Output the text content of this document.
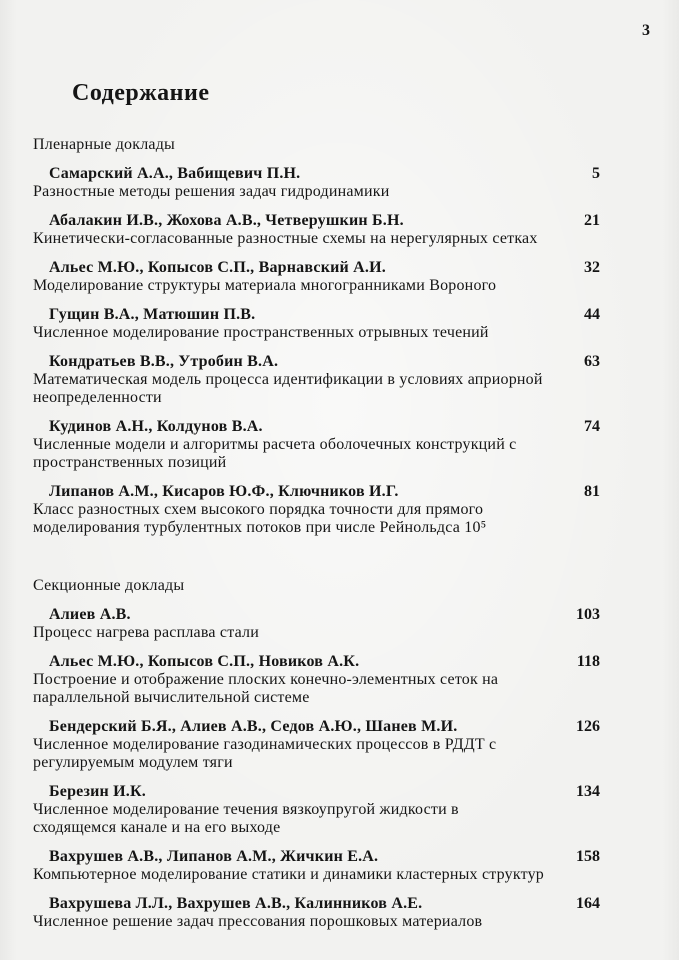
3
Содержание
Пленарные доклады
Самарский А.А., Вабищевич П.Н.
Разностные методы решения задач гидродинамики
5
Абалакин И.В., Жохова А.В., Четверушкин Б.Н.
Кинетически-согласованные разностные схемы на нерегулярных сетках
21
Альес М.Ю., Копысов С.П., Варнавский А.И.
Моделирование структуры материала многогранниками Вороного
32
Гущин В.А., Матюшин П.В.
Численное моделирование пространственных отрывных течений
44
Кондратьев В.В., Утробин В.А.
Математическая модель процесса идентификации в условиях априорной
неопределенности
63
Кудинов А.Н., Колдунов В.А.
Численные модели и алгоритмы расчета оболочечных конструкций с
пространственных позиций
74
Липанов А.М., Кисаров Ю.Ф., Ключников И.Г.
Класс разностных схем высокого порядка точности для прямого
моделирования турбулентных потоков при числе Рейнольдса 10⁵
81
Секционные доклады
Алиев А.В.
Процесс нагрева расплава стали
103
Альес М.Ю., Копысов С.П., Новиков А.К.
Построение и отображение плоских конечно-элементных сеток на
параллельной вычислительной системе
118
Бендерский Б.Я., Алиев А.В., Седов А.Ю., Шанев М.И.
Численное моделирование газодинамических процессов в РДДТ с
регулируемым модулем тяги
126
Березин И.К.
Численное моделирование течения вязкоупругой жидкости в
сходящемся канале и на его выходе
134
Вахрушев А.В., Липанов А.М., Жичкин Е.А.
Компьютерное моделирование статики и динамики кластерных структур
158
Вахрушева Л.Л., Вахрушев А.В., Калинников А.Е.
Численное решение задач прессования порошковых материалов
164
